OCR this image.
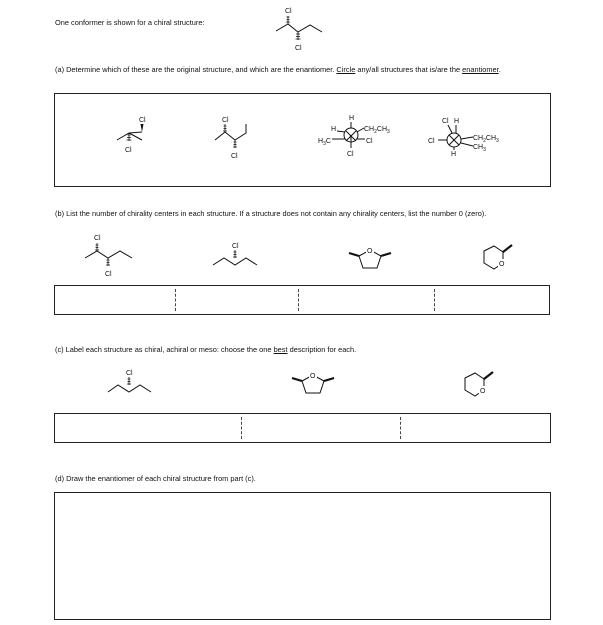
One conformer is shown for a chiral structure:
Cl
Cl
(a) Determine which of these are the original structure, and which are the enantiomer. Circle any/all structures that is/are the enantiomer.
Cl
Cl
Cl
Cl
H
H	$CH_2CH_3$
$H_3C$	Cl
Cl
Cl H
Cl	$CH_2CH_3$
$CH_3$
H
(b) List the number of chirality centers in each structure. If a structure does not contain any chirality centers, list the number 0 (zero).
Cl
Cl
Cl
O
O
(c) Label each structure as chiral, achiral or meso: choose the one best description for each.
Cl	O
O
(d) Draw the enantiomer of each chiral structure from part (c).
